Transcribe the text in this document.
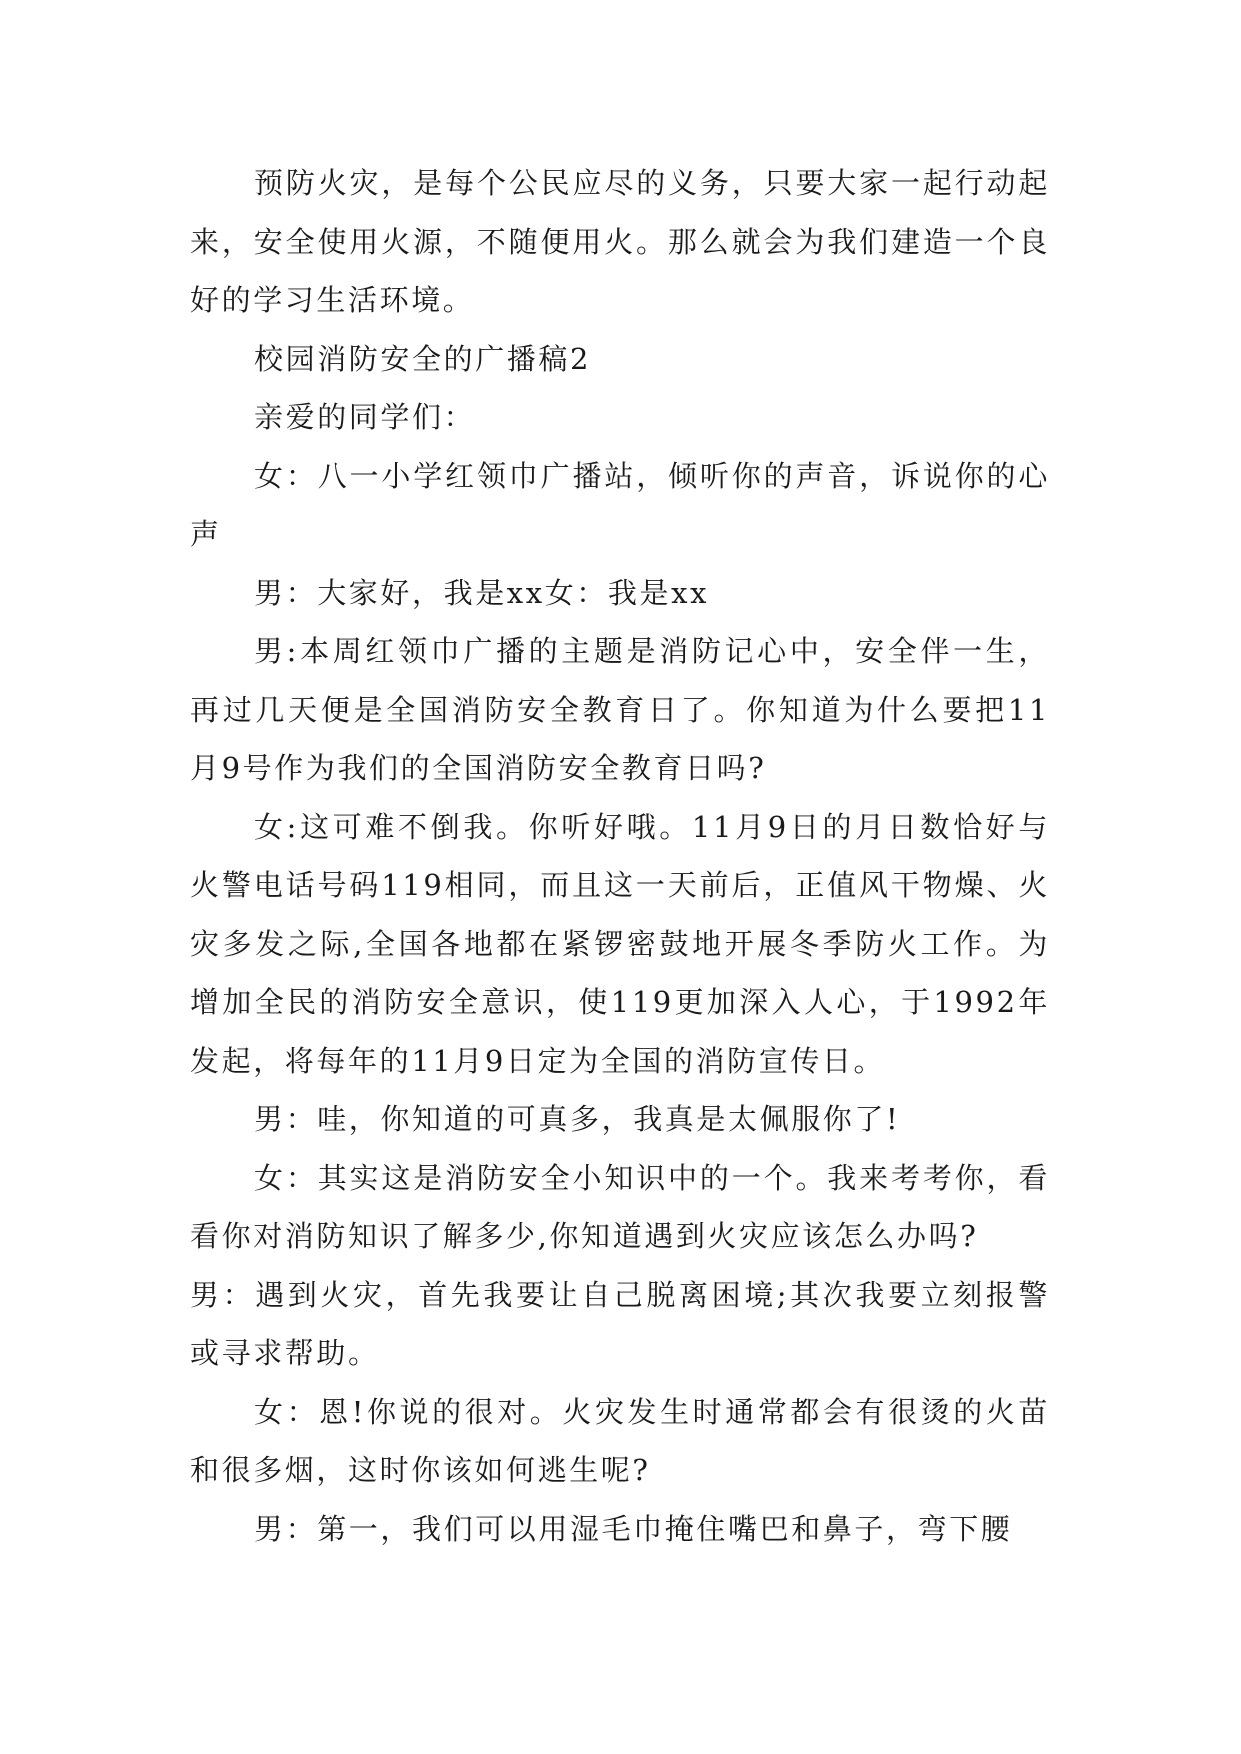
预防火灾，是每个公民应尽的义务，只要大家一起行动起来，安全使用火源，不随便用火。那么就会为我们建造一个良好的学习生活环境。

校园消防安全的广播稿2

亲爱的同学们：

女：八一小学红领巾广播站，倾听你的声音，诉说你的心声

男：大家好，我是xx女：我是xx

男:本周红领巾广播的主题是消防记心中，安全伴一生，再过几天便是全国消防安全教育日了。你知道为什么要把11月9号作为我们的全国消防安全教育日吗?

女:这可难不倒我。你听好哦。11月9日的月日数恰好与火警电话号码119相同，而且这一天前后，正值风干物燥、火灾多发之际,全国各地都在紧锣密鼓地开展冬季防火工作。为增加全民的消防安全意识，使119更加深入人心，于1992年发起，将每年的11月9日定为全国的消防宣传日。

男：哇，你知道的可真多，我真是太佩服你了!

女：其实这是消防安全小知识中的一个。我来考考你，看看你对消防知识了解多少,你知道遇到火灾应该怎么办吗?

男：遇到火灾，首先我要让自己脱离困境;其次我要立刻报警或寻求帮助。

女：恩!你说的很对。火灾发生时通常都会有很烫的火苗和很多烟，这时你该如何逃生呢?

男：第一，我们可以用湿毛巾掩住嘴巴和鼻子，弯下腰
